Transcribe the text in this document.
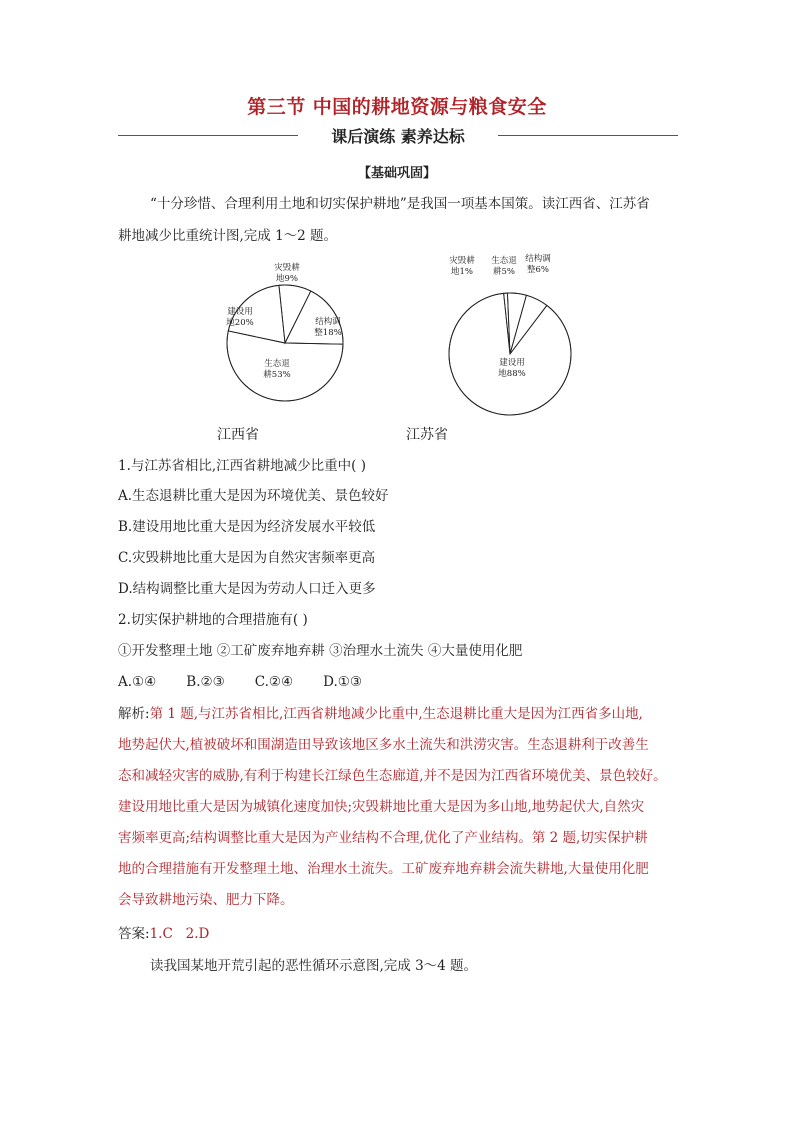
第三节 中国的耕地资源与粮食安全
课后演练 素养达标
【基础巩固】
“十分珍惜、合理利用土地和切实保护耕地”是我国一项基本国策。读江西省、江苏省
耕地减少比重统计图,完成 1～2 题。
灾毁耕地9%
结构调整18%
生态退耕53%
建设用地20%
江西省
灾毁耕地1%
生态退耕5%
结构调整6%
建设用地88%
江苏省
1.与江苏省相比,江西省耕地减少比重中( )
A.生态退耕比重大是因为环境优美、景色较好
B.建设用地比重大是因为经济发展水平较低
C.灾毁耕地比重大是因为自然灾害频率更高
D.结构调整比重大是因为劳动人口迁入更多
2.切实保护耕地的合理措施有( )
①开发整理土地 ②工矿废弃地弃耕 ③治理水土流失 ④大量使用化肥
A.①④       B.②③       C.②④       D.①③
解析:第 1 题,与江苏省相比,江西省耕地减少比重中,生态退耕比重大是因为江西省多山地,
地势起伏大,植被破坏和围湖造田导致该地区多水土流失和洪涝灾害。生态退耕利于改善生
态和减轻灾害的威胁,有利于构建长江绿色生态廊道,并不是因为江西省环境优美、景色较好。
建设用地比重大是因为城镇化速度加快;灾毁耕地比重大是因为多山地,地势起伏大,自然灾
害频率更高;结构调整比重大是因为产业结构不合理,优化了产业结构。第 2 题,切实保护耕
地的合理措施有开发整理土地、治理水土流失。工矿废弃地弃耕会流失耕地,大量使用化肥
会导致耕地污染、肥力下降。
答案:1.C   2.D
读我国某地开荒引起的恶性循环示意图,完成 3～4 题。
